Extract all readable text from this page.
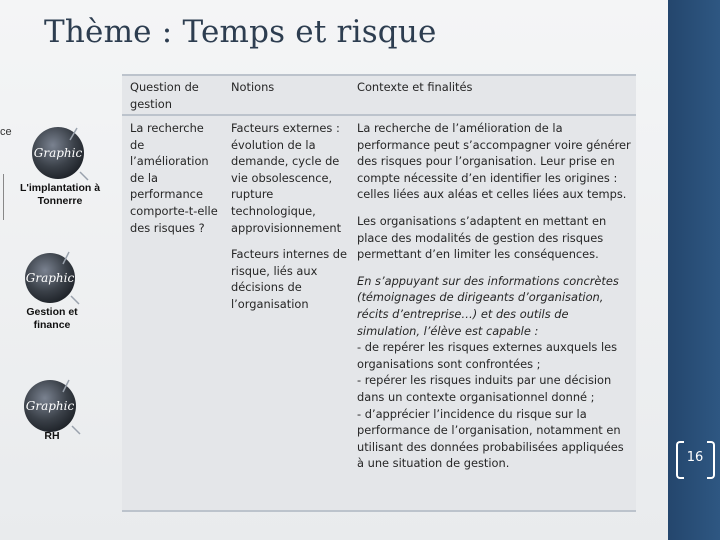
Thème : Temps et risque
ce
Graphic
L'implantation à
Tonnerre
Graphic
Gestion et
finance
Graphic
RH
Question de gestion
Notions	Contexte et finalités
La recherche de l’amélioration de la performance comporte-t-elle des risques ?

Facteurs externes : évolution de la demande, cycle de vie obsolescence, rupture technologique, approvisionnement

Facteurs internes de risque, liés aux décisions de l’organisation

La recherche de l’amélioration de la performance peut s’accompagner voire générer des risques pour l’organisation. Leur prise en compte nécessite d’en identifier les origines : celles liées aux aléas et celles liées aux temps.

Les organisations s’adaptent en mettant en place des modalités de gestion des risques permettant d’en limiter les conséquences.

En s’appuyant sur des informations concrètes (témoignages de dirigeants d’organisation, récits d’entreprise…) et des outils de simulation, l’élève est capable :

- de repérer les risques externes auxquels les organisations sont confrontées ;

- repérer les risques induits par une décision dans un contexte organisationnel donné ;

- d’apprécier l’incidence du risque sur la performance de l’organisation, notamment en utilisant des données probabilisées appliquées à une situation de gestion.	16
